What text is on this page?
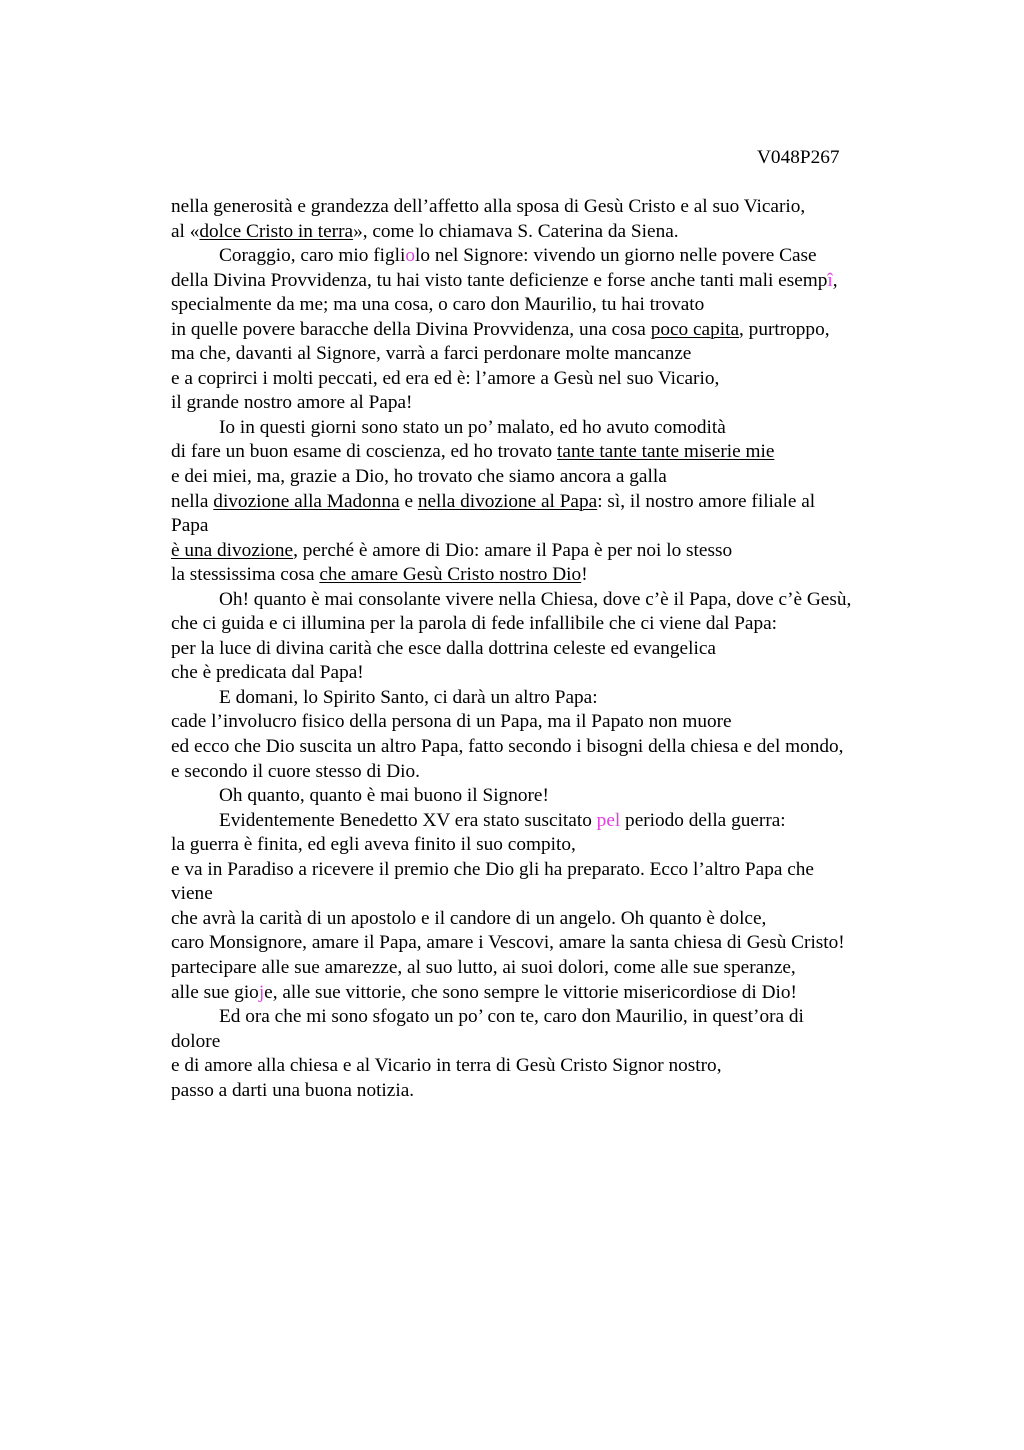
V048P267
nella generosità e grandezza dell’affetto alla sposa di Gesù Cristo e al suo Vicario,
al «dolce Cristo in terra», come lo chiamava S. Caterina da Siena.
Coraggio, caro mio figliolo nel Signore: vivendo un giorno nelle povere Case
della Divina Provvidenza, tu hai visto tante deficienze e forse anche tanti mali esempî,
specialmente da me; ma una cosa, o caro don Maurilio, tu hai trovato
in quelle povere baracche della Divina Provvidenza, una cosa poco capita, purtroppo,
ma che, davanti al Signore, varrà a farci perdonare molte mancanze
e a coprirci i molti peccati, ed era ed è: l’amore a Gesù nel suo Vicario,
il grande nostro amore al Papa!
Io in questi giorni sono stato un po’ malato, ed ho avuto comodità
di fare un buon esame di coscienza, ed ho trovato tante tante tante miserie mie
e dei miei, ma, grazie a Dio, ho trovato che siamo ancora a galla
nella divozione alla Madonna e nella divozione al Papa: sì, il nostro amore filiale al
Papa
è una divozione, perché è amore di Dio: amare il Papa è per noi lo stesso
la stessissima cosa che amare Gesù Cristo nostro Dio!
Oh! quanto è mai consolante vivere nella Chiesa, dove c’è il Papa, dove c’è Gesù,
che ci guida e ci illumina per la parola di fede infallibile che ci viene dal Papa:
per la luce di divina carità che esce dalla dottrina celeste ed evangelica
che è predicata dal Papa!
E domani, lo Spirito Santo, ci darà un altro Papa:
cade l’involucro fisico della persona di un Papa, ma il Papato non muore
ed ecco che Dio suscita un altro Papa, fatto secondo i bisogni della chiesa e del mondo,
e secondo il cuore stesso di Dio.
Oh quanto, quanto è mai buono il Signore!
Evidentemente Benedetto XV era stato suscitato pel periodo della guerra:
la guerra è finita, ed egli aveva finito il suo compito,
e va in Paradiso a ricevere il premio che Dio gli ha preparato. Ecco l’altro Papa che
viene
che avrà la carità di un apostolo e il candore di un angelo. Oh quanto è dolce,
caro Monsignore, amare il Papa, amare i Vescovi, amare la santa chiesa di Gesù Cristo!
partecipare alle sue amarezze, al suo lutto, ai suoi dolori, come alle sue speranze,
alle sue gioje, alle sue vittorie, che sono sempre le vittorie misericordiose di Dio!
Ed ora che mi sono sfogato un po’ con te, caro don Maurilio, in quest’ora di
dolore
e di amore alla chiesa e al Vicario in terra di Gesù Cristo Signor nostro,
passo a darti una buona notizia.
